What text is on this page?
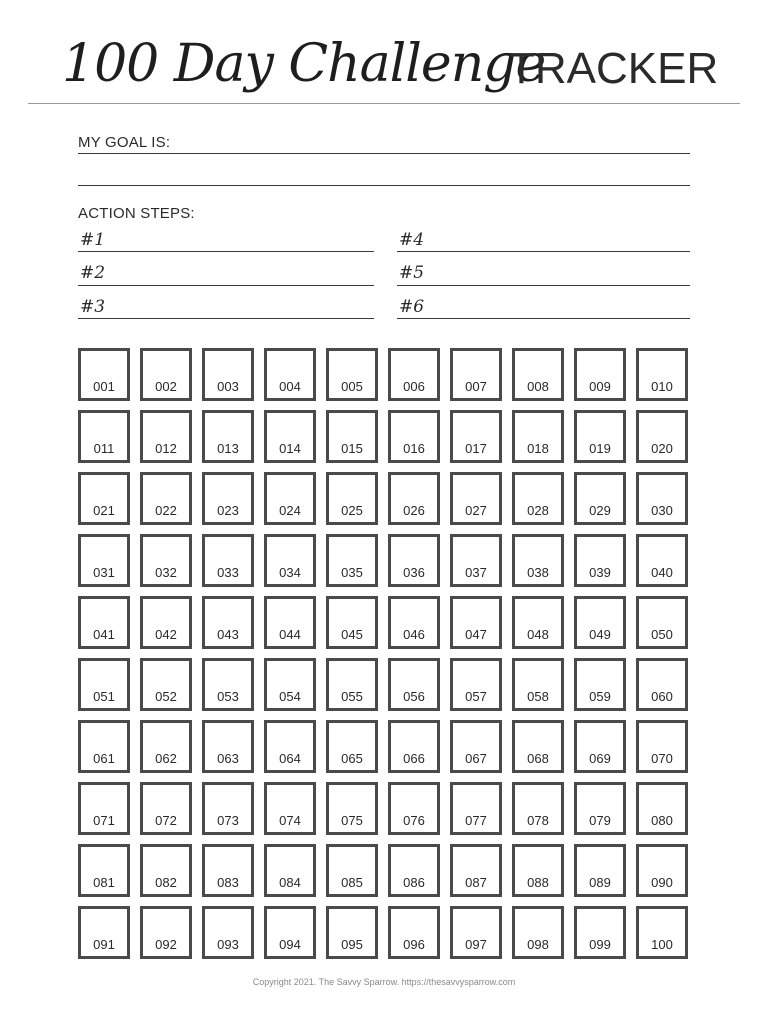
100 Day Challenge
TRACKER
MY GOAL IS:
ACTION STEPS:
#1
#2
#3
#4
#5
#6
001	002	003	004	005	006	007	008	009	010
011	012	013	014	015	016	017	018	019	020
021	022	023	024	025	026	027	028	029	030
031	032	033	034	035	036	037	038	039	040
041	042	043	044	045	046	047	048	049	050
051	052	053	054	055	056	057	058	059	060
061	062	063	064	065	066	067	068	069	070
071	072	073	074	075	076	077	078	079	080
081	082	083	084	085	086	087	088	089	090
091	092	093	094	095	096	097	098	099	100
Copyright 2021. The Savvy Sparrow. https://thesavvysparrow.com
